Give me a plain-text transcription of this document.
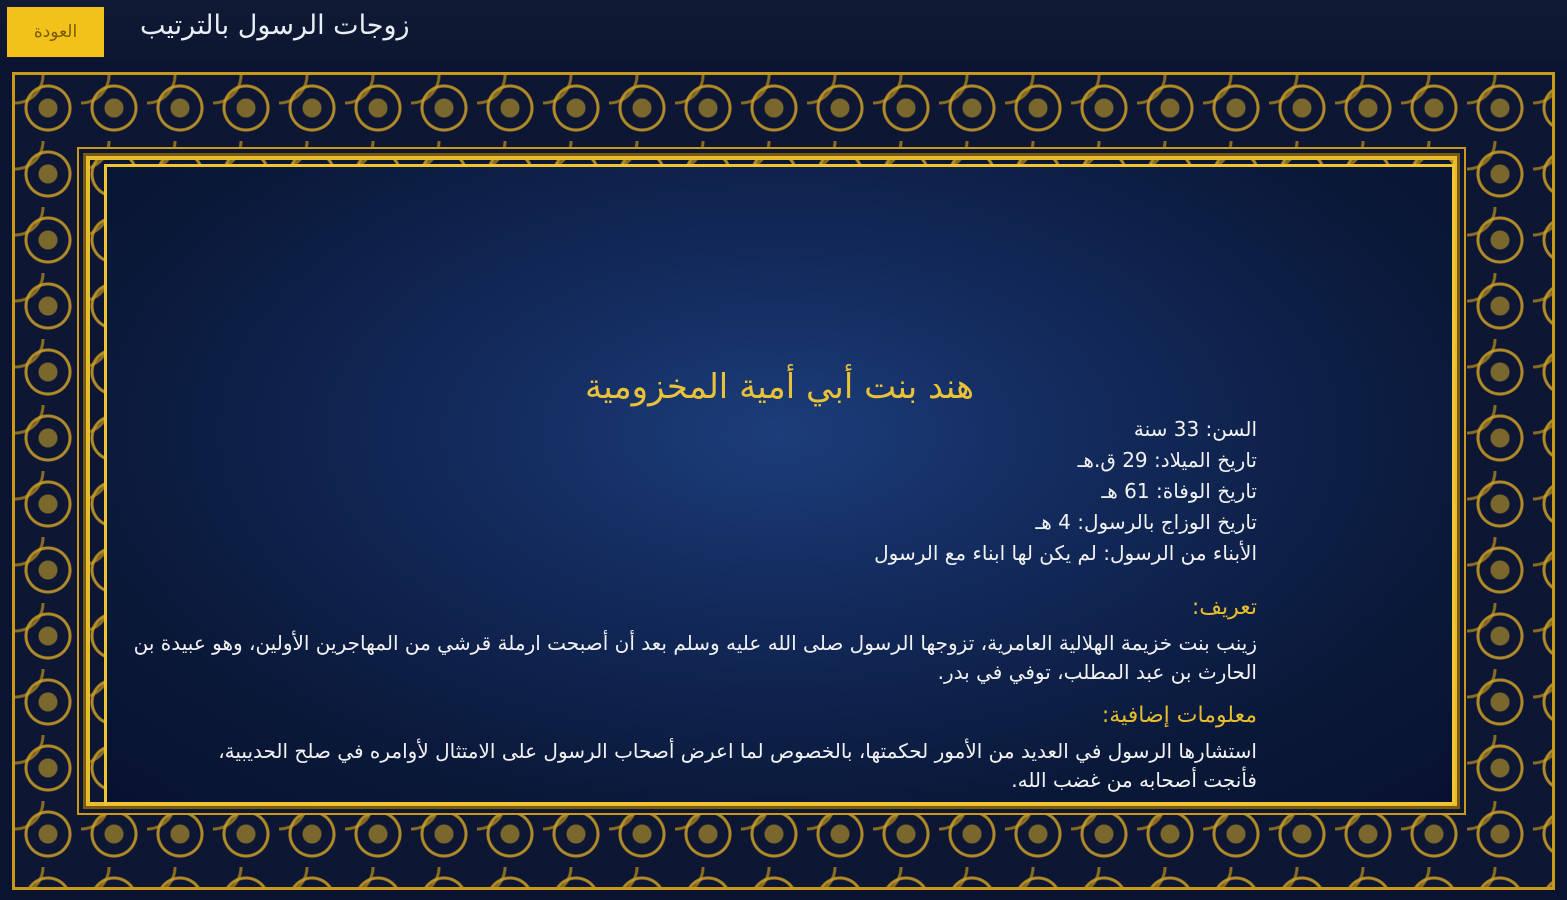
العودة	زوجات الرسول بالترتيب
هند بنت أبي أمية المخزومية
السن: 33 سنة
تاريخ الميلاد: 29 ق.هـ
تاريخ الوفاة: 61 هـ
تاريخ الوزاج بالرسول: 4 هـ
الأبناء من الرسول: لم يكن لها ابناء مع الرسول
تعريف:
زينب بنت خزيمة الهلالية العامرية، تزوجها الرسول صلى الله عليه وسلم بعد أن أصبحت ارملة قرشي من المهاجرين الأولين، وهو عبيدة بن الحارث بن عبد المطلب، توفي في بدر.
معلومات إضافية:
استشارها الرسول في العديد من الأمور لحكمتها، بالخصوص لما اعرض أصحاب الرسول على الامتثال لأوامره في صلح الحديبية، فأنجت أصحابه من غضب الله.
